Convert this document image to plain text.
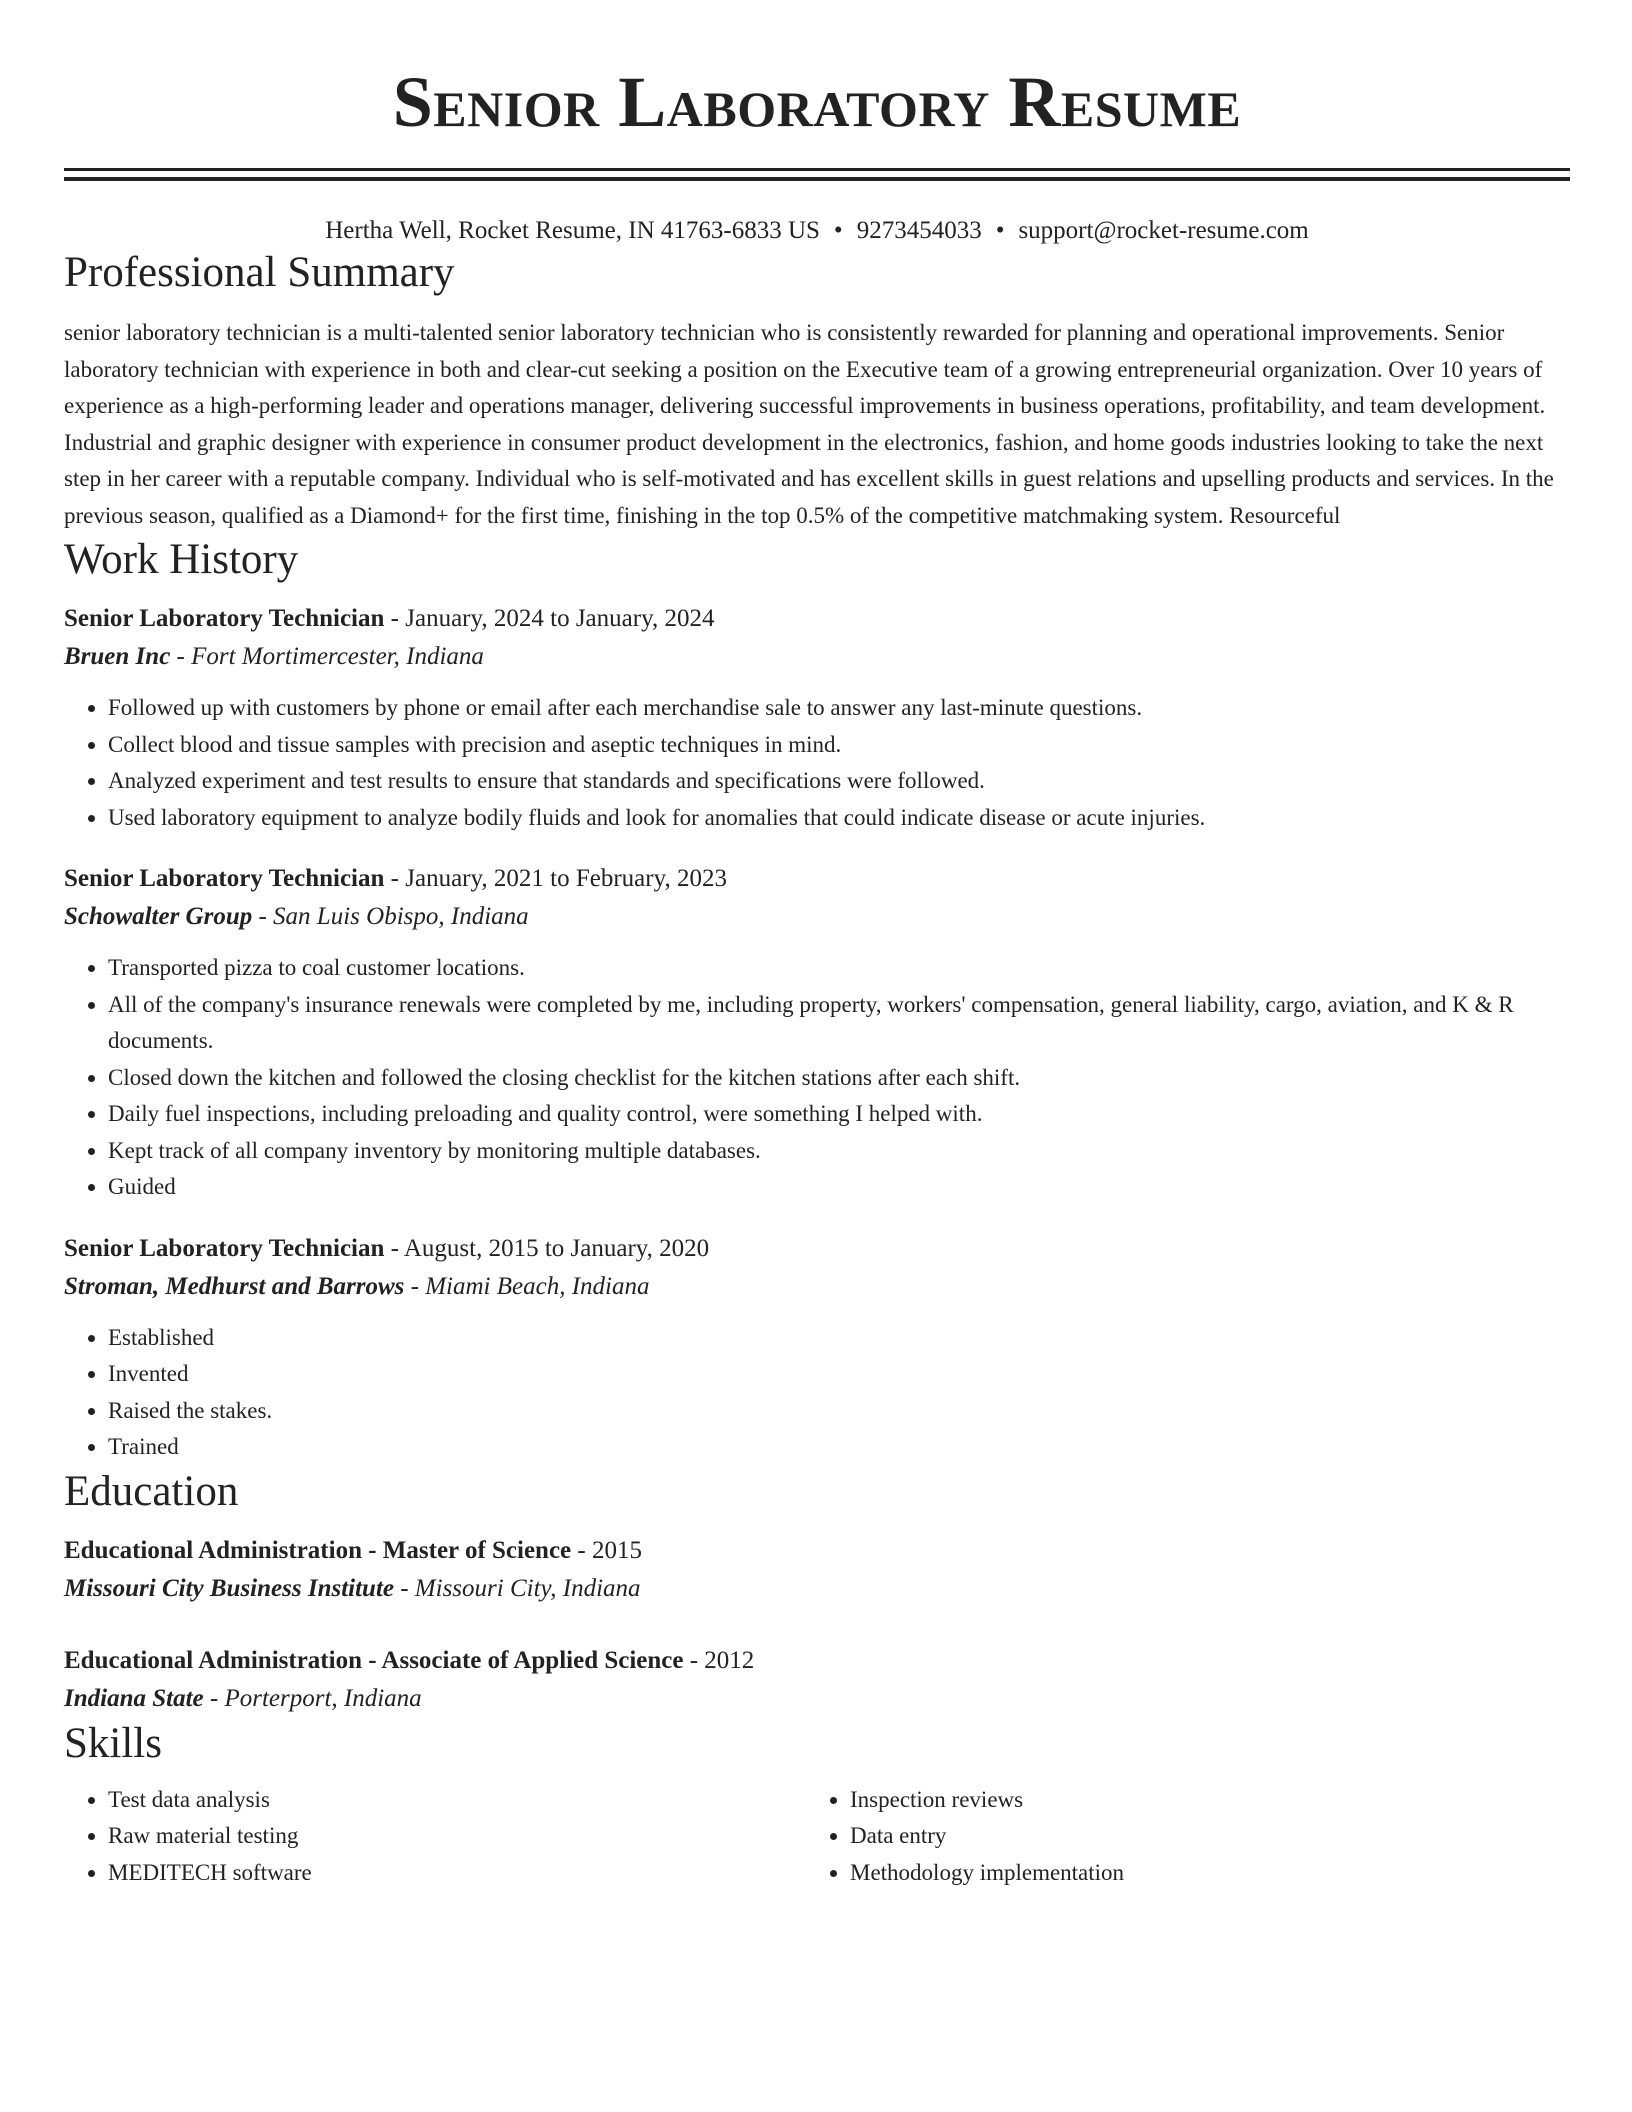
Senior Laboratory Resume
Hertha Well, Rocket Resume, IN 41763-6833 US • 9273454033 • support@rocket-resume.com
Professional Summary
senior laboratory technician is a multi-talented senior laboratory technician who is consistently rewarded for planning and operational improvements. Senior laboratory technician with experience in both and clear-cut seeking a position on the Executive team of a growing entrepreneurial organization. Over 10 years of experience as a high-performing leader and operations manager, delivering successful improvements in business operations, profitability, and team development. Industrial and graphic designer with experience in consumer product development in the electronics, fashion, and home goods industries looking to take the next step in her career with a reputable company. Individual who is self-motivated and has excellent skills in guest relations and upselling products and services. In the previous season, qualified as a Diamond+ for the first time, finishing in the top 0.5% of the competitive matchmaking system. Resourceful
Work History
Senior Laboratory Technician - January, 2024 to January, 2024
Bruen Inc - Fort Mortimercester, Indiana
• Followed up with customers by phone or email after each merchandise sale to answer any last-minute questions.
• Collect blood and tissue samples with precision and aseptic techniques in mind.
• Analyzed experiment and test results to ensure that standards and specifications were followed.
• Used laboratory equipment to analyze bodily fluids and look for anomalies that could indicate disease or acute injuries.
Senior Laboratory Technician - January, 2021 to February, 2023
Schowalter Group - San Luis Obispo, Indiana
• Transported pizza to coal customer locations.
• All of the company's insurance renewals were completed by me, including property, workers' compensation, general liability, cargo, aviation, and K & R documents.
• Closed down the kitchen and followed the closing checklist for the kitchen stations after each shift.
• Daily fuel inspections, including preloading and quality control, were something I helped with.
• Kept track of all company inventory by monitoring multiple databases.
• Guided
Senior Laboratory Technician - August, 2015 to January, 2020
Stroman, Medhurst and Barrows - Miami Beach, Indiana
• Established
• Invented
• Raised the stakes.
• Trained
Education
Educational Administration - Master of Science - 2015
Missouri City Business Institute - Missouri City, Indiana
Educational Administration - Associate of Applied Science - 2012
Indiana State - Porterport, Indiana
Skills
• Test data analysis
• Raw material testing
• MEDITECH software
• Inspection reviews
• Data entry
• Methodology implementation
